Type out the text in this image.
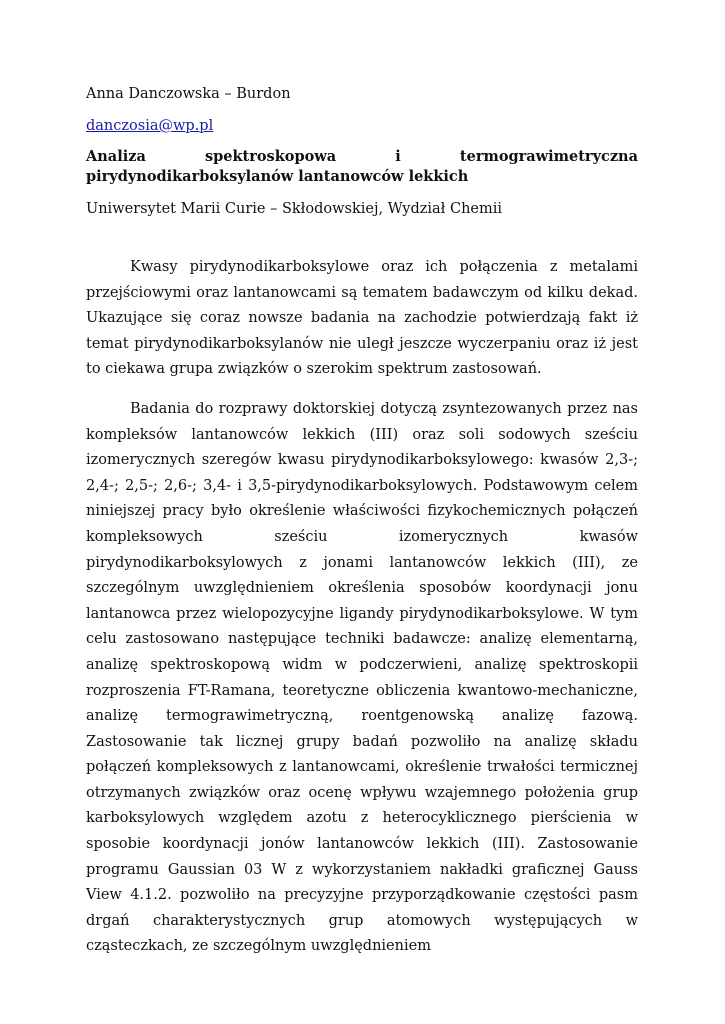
Anna Danczowska – Burdon

danczosia@wp.pl

Analiza spektroskopowa i termograwimetryczna
pirydynodikarboksylanów lantanowców lekkich

Uniwersytet Marii Curie – Skłodowskiej, Wydział Chemii

Kwasy pirydynodikarboksylowe oraz ich połączenia z metalami przejściowymi oraz lantanowcami są tematem badawczym od kilku dekad. Ukazujące się coraz nowsze badania na zachodzie potwierdzają fakt iż temat pirydynodikarboksylanów nie uległ jeszcze wyczerpaniu oraz iż jest to ciekawa grupa związków o szerokim spektrum zastosowań.

Badania do rozprawy doktorskiej dotyczą zsyntezowanych przez nas kompleksów lantanowców lekkich (III) oraz soli sodowych sześciu izomerycznych szeregów kwasu pirydynodikarboksylowego: kwasów 2,3-; 2,4-; 2,5-; 2,6-; 3,4- i 3,5-pirydynodikarboksylowych. Podstawowym celem niniejszej pracy było określenie właściwości fizykochemicznych połączeń kompleksowych sześciu izomerycznych kwasów pirydynodikarboksylowych z jonami lantanowców lekkich (III), ze szczególnym uwzględnieniem określenia sposobów koordynacji jonu lantanowca przez wielopozycyjne ligandy pirydynodikarboksylowe. W tym celu zastosowano następujące techniki badawcze: analizę elementarną, analizę spektroskopową widm w podczerwieni, analizę spektroskopii rozproszenia FT-Ramana, teoretyczne obliczenia kwantowo-mechaniczne, analizę termograwimetryczną, roentgenowską analizę fazową. Zastosowanie tak licznej grupy badań pozwoliło na analizę składu połączeń kompleksowych z lantanowcami, określenie trwałości termicznej otrzymanych związków oraz ocenę wpływu wzajemnego położenia grup karboksylowych względem azotu z heterocyklicznego pierścienia w sposobie koordynacji jonów lantanowców lekkich (III). Zastosowanie programu Gaussian 03 W z wykorzystaniem nakładki graficznej Gauss View 4.1.2. pozwoliło na precyzyjne przyporządkowanie częstości pasm drgań charakterystycznych grup atomowych występujących w cząsteczkach, ze szczególnym uwzględnieniem
